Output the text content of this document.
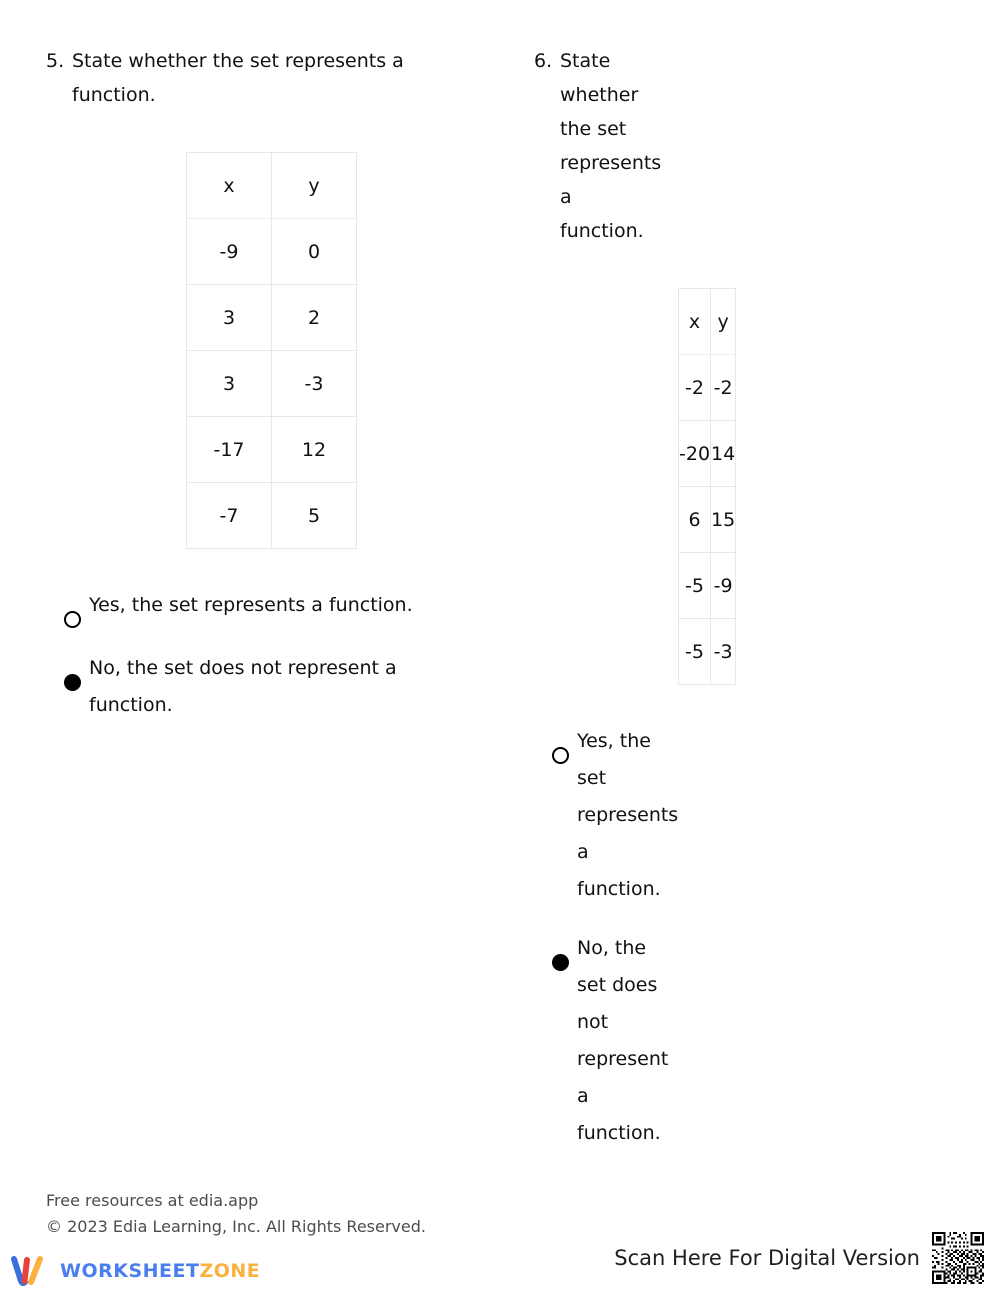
5. State whether the set represents a function.
x	y
-9	0
3	2
3	-3
-17	12
-7	5
Yes, the set represents a function.
No, the set does not represent a function.
6. State whether the set represents a function.
x	y
-2	-2
-20	14
6	15
-5	-9
-5	-3
Yes, the set represents a function.
No, the set does not represent a function.
Free resources at edia.app
© 2023 Edia Learning, Inc. All Rights Reserved.
WORKSHEETZONE
Scan Here For Digital Version
